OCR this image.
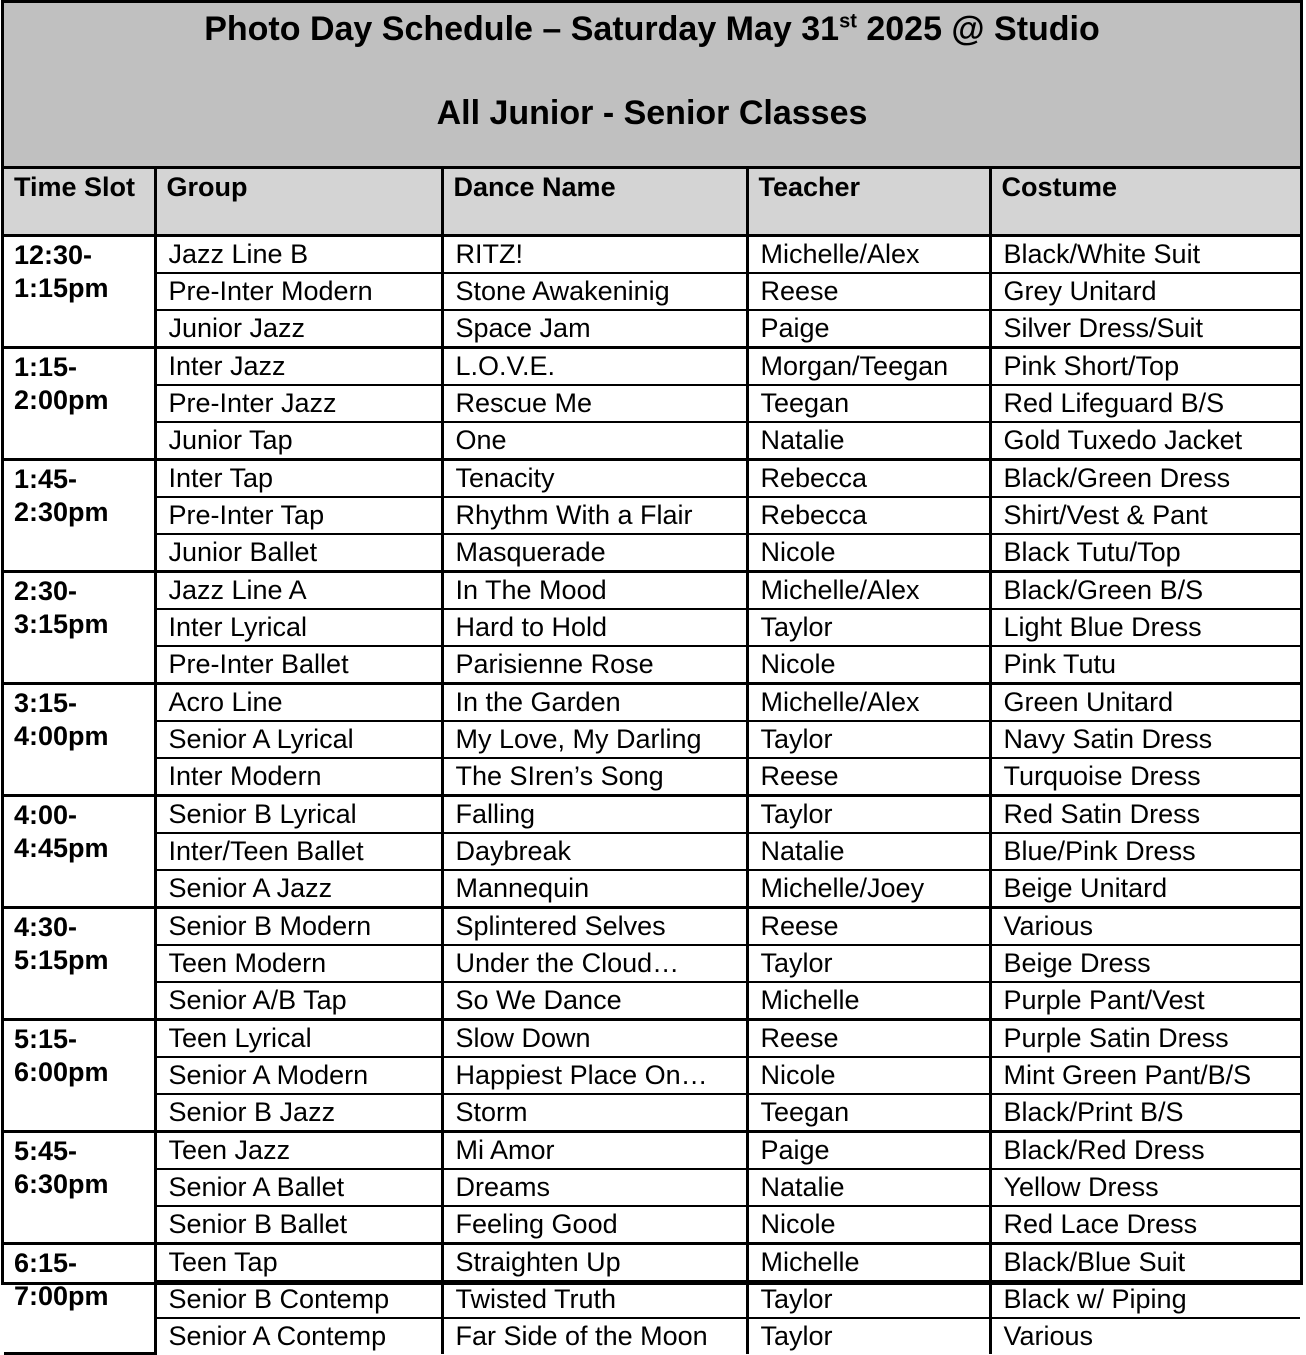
Photo Day Schedule – Saturday May 31st 2025 @ Studio
All Junior - Senior Classes
Time Slot	Group	Dance Name	Teacher	Costume
12:30-1:15pm	Jazz Line B	RITZ!	Michelle/Alex	Black/White Suit
	Pre-Inter Modern	Stone Awakeninig	Reese	Grey Unitard
	Junior Jazz	Space Jam	Paige	Silver Dress/Suit
1:15-2:00pm	Inter Jazz	L.O.V.E.	Morgan/Teegan	Pink Short/Top
	Pre-Inter Jazz	Rescue Me	Teegan	Red Lifeguard B/S
	Junior Tap	One	Natalie	Gold Tuxedo Jacket
1:45-2:30pm	Inter Tap	Tenacity	Rebecca	Black/Green Dress
	Pre-Inter Tap	Rhythm With a Flair	Rebecca	Shirt/Vest & Pant
	Junior Ballet	Masquerade	Nicole	Black Tutu/Top
2:30-3:15pm	Jazz Line A	In The Mood	Michelle/Alex	Black/Green B/S
	Inter Lyrical	Hard to Hold	Taylor	Light Blue Dress
	Pre-Inter Ballet	Parisienne Rose	Nicole	Pink Tutu
3:15-4:00pm	Acro Line	In the Garden	Michelle/Alex	Green Unitard
	Senior A Lyrical	My Love, My Darling	Taylor	Navy Satin Dress
	Inter Modern	The SIren’s Song	Reese	Turquoise Dress
4:00-4:45pm	Senior B Lyrical	Falling	Taylor	Red Satin Dress
	Inter/Teen Ballet	Daybreak	Natalie	Blue/Pink Dress
	Senior A Jazz	Mannequin	Michelle/Joey	Beige Unitard
4:30-5:15pm	Senior B Modern	Splintered Selves	Reese	Various
	Teen Modern	Under the Cloud…	Taylor	Beige Dress
	Senior A/B Tap	So We Dance	Michelle	Purple Pant/Vest
5:15-6:00pm	Teen Lyrical	Slow Down	Reese	Purple Satin Dress
	Senior A Modern	Happiest Place On…	Nicole	Mint Green Pant/B/S
	Senior B Jazz	Storm	Teegan	Black/Print B/S
5:45-6:30pm	Teen Jazz	Mi Amor	Paige	Black/Red Dress
	Senior A Ballet	Dreams	Natalie	Yellow Dress
	Senior B Ballet	Feeling Good	Nicole	Red Lace Dress
6:15-7:00pm	Teen Tap	Straighten Up	Michelle	Black/Blue Suit
	Senior B Contemp	Twisted Truth	Taylor	Black w/ Piping
	Senior A Contemp	Far Side of the Moon	Taylor	Various
